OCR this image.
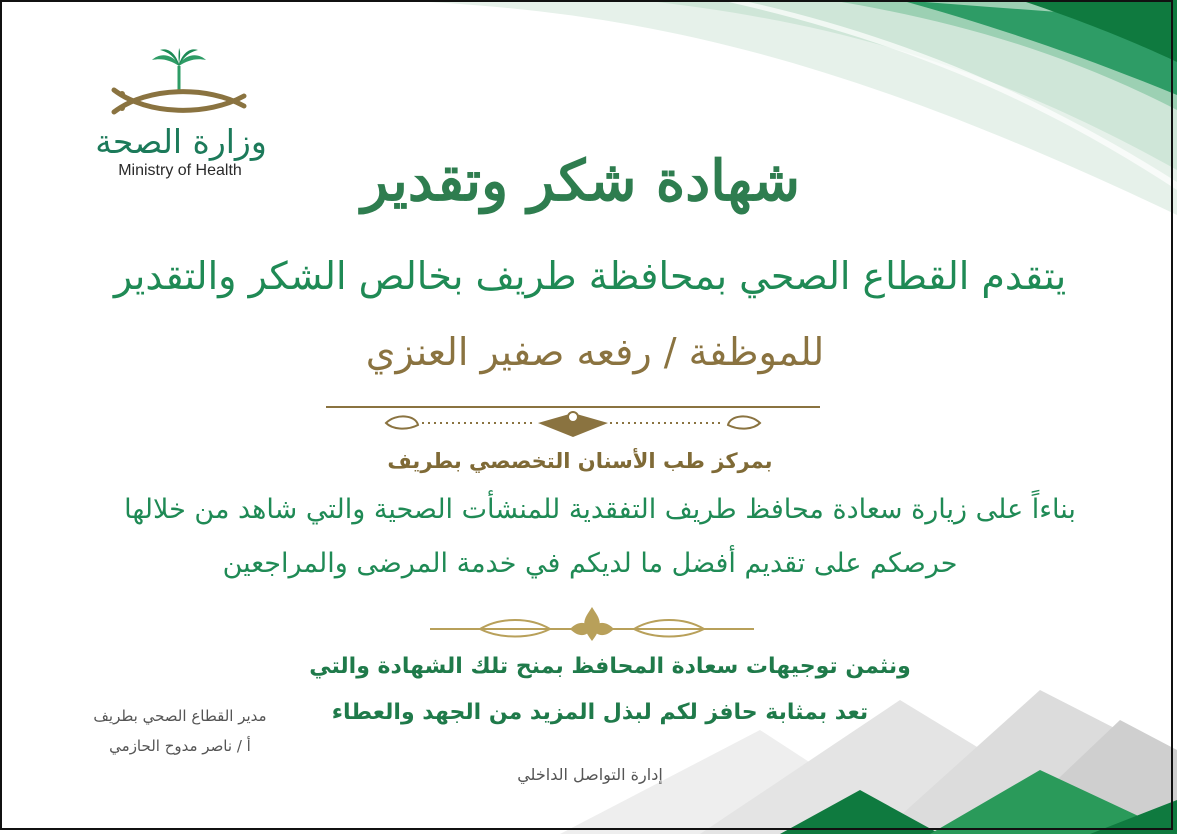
وزارة الصحة
Ministry of Health	شهادة شكر وتقدير
يتقدم القطاع الصحي بمحافظة طريف بخالص الشكر والتقدير
للموظفة / رفعه صفير العنزي
بمركز طب الأسنان التخصصي بطريف
بناءاً على زيارة سعادة محافظ طريف التفقدية للمنشأت الصحية والتي شاهد من خلالها
حرصكم على تقديم أفضل ما لديكم في خدمة المرضى والمراجعين
ونثمن توجيهات سعادة المحافظ بمنح تلك الشهادة والتي
تعد بمثابة حافز لكم لبذل المزيد من الجهد والعطاء
مدير القطاع الصحي بطريف
أ / ناصر مدوح الحازمي
إدارة التواصل الداخلي
